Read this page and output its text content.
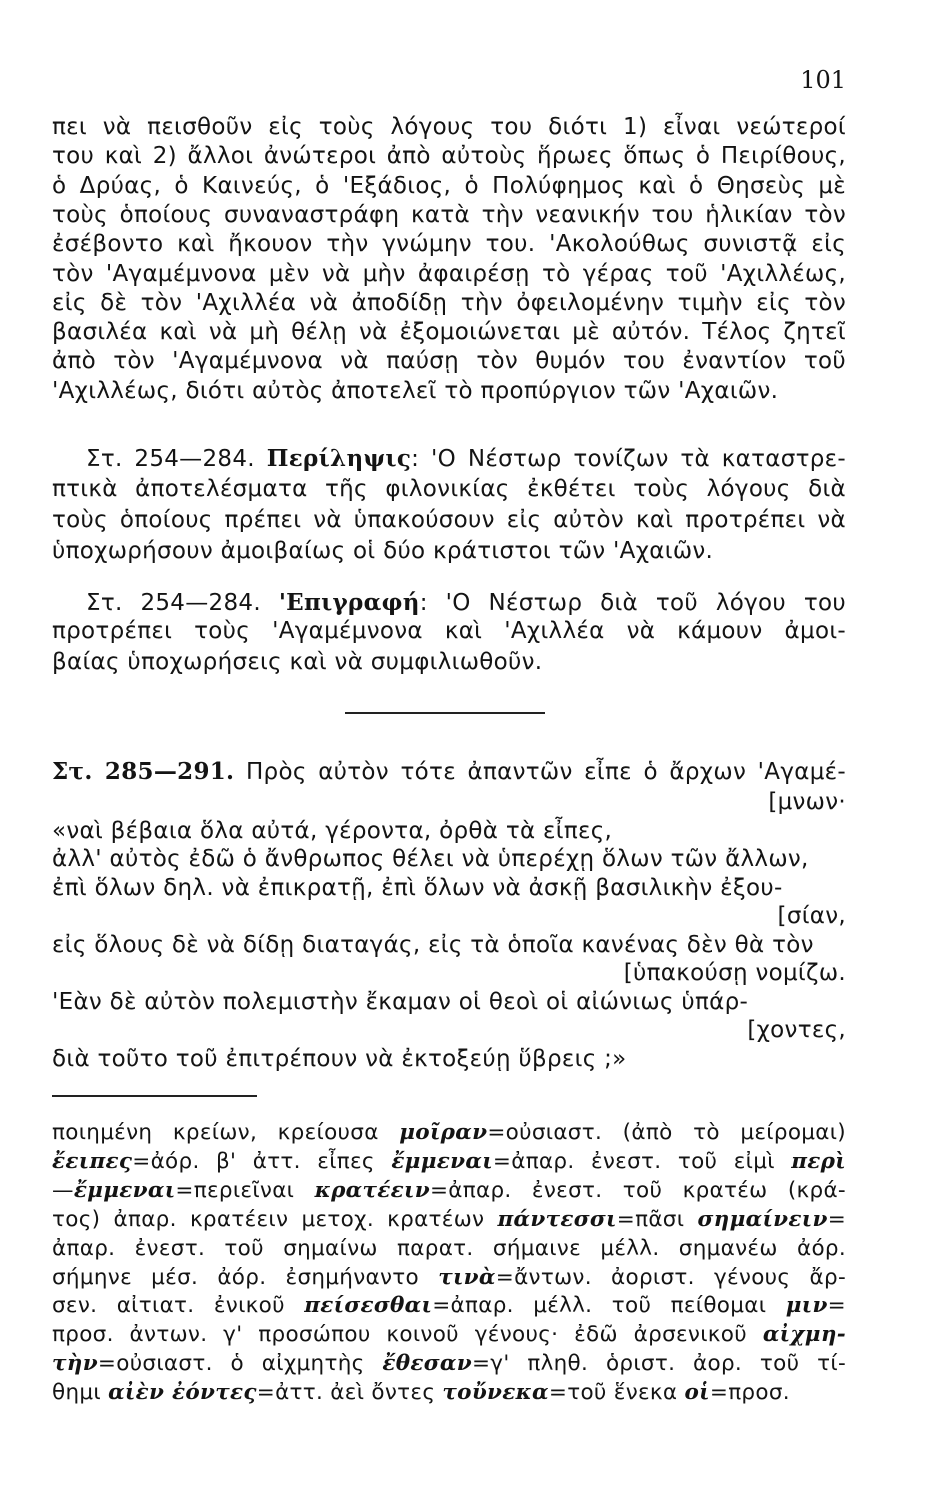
101
πει νὰ πεισθοῦν εἰς τοὺς λόγους του διότι 1) εἶναι νεώτεροί
του καὶ 2) ἄλλοι ἀνώτεροι ἀπὸ αὐτοὺς ἥρωες ὅπως ὁ Πειρίθους,
ὁ Δρύας, ὁ Καινεύς, ὁ 'Εξάδιος, ὁ Πολύφημος καὶ ὁ Θησεὺς μὲ
τοὺς ὁποίους συναναστράφη κατὰ τὴν νεανικήν του ἡλικίαν τὸν
ἐσέβοντο καὶ ἤκουον τὴν γνώμην του. 'Ακολούθως συνιστᾷ εἰς
τὸν 'Αγαμέμνονα μὲν νὰ μὴν ἀφαιρέσῃ τὸ γέρας τοῦ 'Αχιλλέως,
εἰς δὲ τὸν 'Αχιλλέα νὰ ἀποδίδῃ τὴν ὀφειλομένην τιμὴν εἰς τὸν
βασιλέα καὶ νὰ μὴ θέλῃ νὰ ἐξομοιώνεται μὲ αὐτόν. Τέλος ζητεῖ
ἀπὸ τὸν 'Αγαμέμνονα νὰ παύσῃ τὸν θυμόν του ἐναντίον τοῦ
'Αχιλλέως, διότι αὐτὸς ἀποτελεῖ τὸ προπύργιον τῶν 'Αχαιῶν.
Στ. 254—284. Περίληψις: 'Ο Νέστωρ τονίζων τὰ καταστρε-
πτικὰ ἀποτελέσματα τῆς φιλονικίας ἐκθέτει τοὺς λόγους διὰ
τοὺς ὁποίους πρέπει νὰ ὑπακούσουν εἰς αὐτὸν καὶ προτρέπει νὰ
ὑποχωρήσουν ἀμοιβαίως οἱ δύο κράτιστοι τῶν 'Αχαιῶν.
Στ. 254—284. 'Επιγραφή: 'Ο Νέστωρ διὰ τοῦ λόγου του
προτρέπει τοὺς 'Αγαμέμνονα καὶ 'Αχιλλέα νὰ κάμουν ἀμοι-
βαίας ὑποχωρήσεις καὶ νὰ συμφιλιωθοῦν.
Στ. 285—291. Πρὸς αὐτὸν τότε ἀπαντῶν εἶπε ὁ ἄρχων 'Αγαμέ-
[μνων·
«ναὶ βέβαια ὅλα αὐτά, γέροντα, ὀρθὰ τὰ εἶπες,
ἀλλ' αὐτὸς ἐδῶ ὁ ἄνθρωπος θέλει νὰ ὑπερέχῃ ὅλων τῶν ἄλλων,
ἐπὶ ὅλων δηλ. νὰ ἐπικρατῇ, ἐπὶ ὅλων νὰ ἀσκῇ βασιλικὴν ἐξου-
[σίαν,
εἰς ὅλους δὲ νὰ δίδῃ διαταγάς, εἰς τὰ ὁποῖα κανένας δὲν θὰ τὸν
[ὑπακούσῃ νομίζω.
'Εὰν δὲ αὐτὸν πολεμιστὴν ἔκαμαν οἱ θεοὶ οἱ αἰώνιως ὑπάρ-
[χοντες,
διὰ τοῦτο τοῦ ἐπιτρέπουν νὰ ἐκτοξεύῃ ὕβρεις ;»
ποιημένη κρείων, κρείουσα μοῖραν=οὐσιαστ. (ἀπὸ τὸ μείρομαι)
ἔειπες=ἀόρ. β' ἀττ. εἶπες ἔμμεναι=ἀπαρ. ἐνεστ. τοῦ εἰμὶ περὶ
—ἔμμεναι=περιεῖναι κρατέειν=ἀπαρ. ἐνεστ. τοῦ κρατέω (κρά-
τος) ἀπαρ. κρατέειν μετοχ. κρατέων πάντεσσι=πᾶσι σημαίνειν=
ἀπαρ. ἐνεστ. τοῦ σημαίνω παρατ. σήμαινε μέλλ. σημανέω ἀόρ.
σήμηνε μέσ. ἀόρ. ἐσημήναντο τινὰ=ἄντων. ἀοριστ. γένους ἄρ-
σεν. αἰτιατ. ἐνικοῦ πείσεσθαι=ἀπαρ. μέλλ. τοῦ πείθομαι μιν=
προσ. ἀντων. γ' προσώπου κοινοῦ γένους· ἐδῶ ἀρσενικοῦ αἰχμη-
τὴν=οὐσιαστ. ὁ αἰχμητὴς ἔθεσαν=γ' πληθ. ὁριστ. ἀορ. τοῦ τί-
θημι αἰὲν ἐόντες=ἀττ. ἀεὶ ὄντες τοὔνεκα=τοῦ ἕνεκα οἱ=προσ.
